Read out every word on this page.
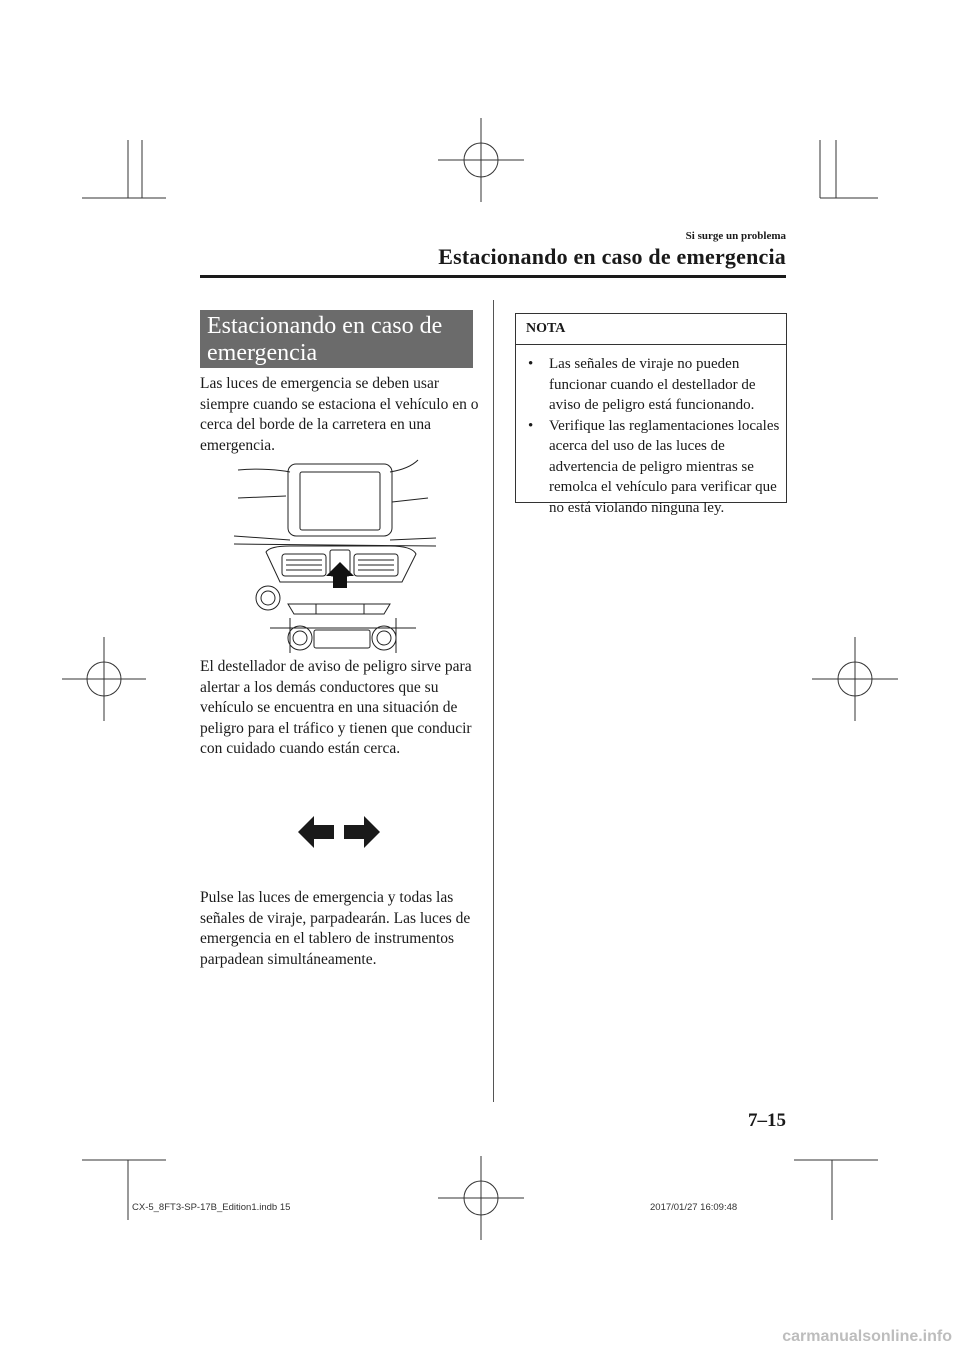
Si surge un problema
Estacionando en caso de emergencia
Estacionando en caso de emergencia
Las luces de emergencia se deben usar siempre cuando se estaciona el vehículo en o cerca del borde de la carretera en una emergencia.
El destellador de aviso de peligro sirve para alertar a los demás conductores que su vehículo se encuentra en una situación de peligro para el tráfico y tienen que conducir con cuidado cuando están cerca.
Pulse las luces de emergencia y todas las señales de viraje, parpadearán. Las luces de emergencia en el tablero de instrumentos parpadean simultáneamente.
NOTA
• Las señales de viraje no pueden funcionar cuando el destellador de aviso de peligro está funcionando.
• Verifique las reglamentaciones locales acerca del uso de las luces de advertencia de peligro mientras se remolca el vehículo para verificar que no está violando ninguna ley.
7–15
CX-5_8FT3-SP-17B_Edition1.indb 15	2017/01/27 16:09:48
carmanualsonline.info
